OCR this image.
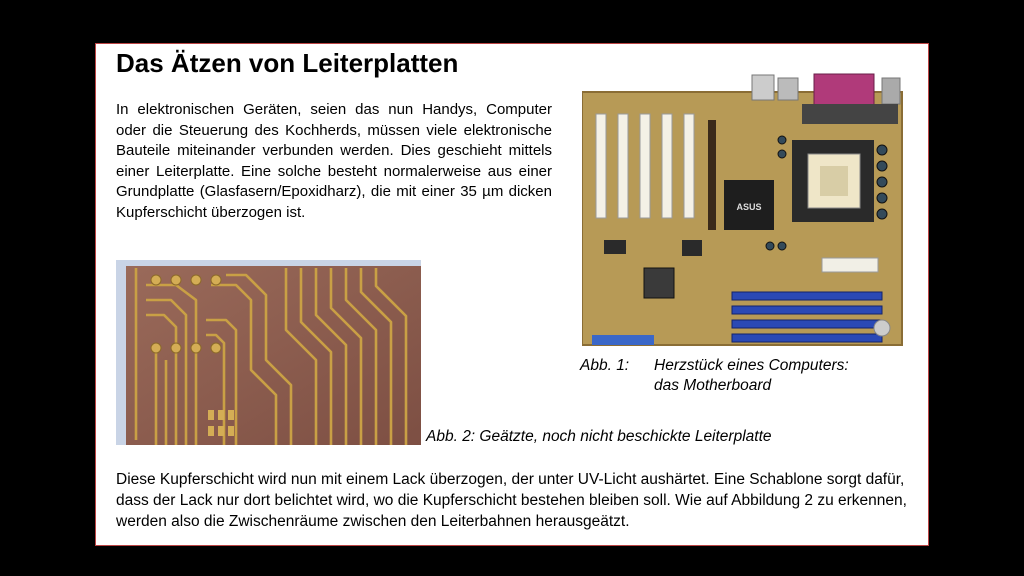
Das Ätzen von Leiterplatten

In elektronischen Geräten, seien das nun Handys, Computer oder die Steuerung des Kochherds, müssen viele elektronische Bauteile miteinander verbunden werden. Dies geschieht mittels einer Leiterplatte. Eine solche besteht normalerweise aus einer Grundplatte (Glasfasern/Epoxidharz), die mit einer 35 µm dicken Kupferschicht überzogen ist.	ASUS
Abb. 1: Herzstück eines Computers:
das Motherboard
Abb. 2: Geätzte, noch nicht beschickte Leiterplatte

Diese Kupferschicht wird nun mit einem Lack überzogen, der unter UV-Licht aushärtet. Eine Schablone sorgt dafür, dass der Lack nur dort belichtet wird, wo die Kupferschicht bestehen bleiben soll. Wie auf Abbildung 2 zu erkennen, werden also die Zwischenräume zwischen den Leiterbahnen herausgeätzt.
